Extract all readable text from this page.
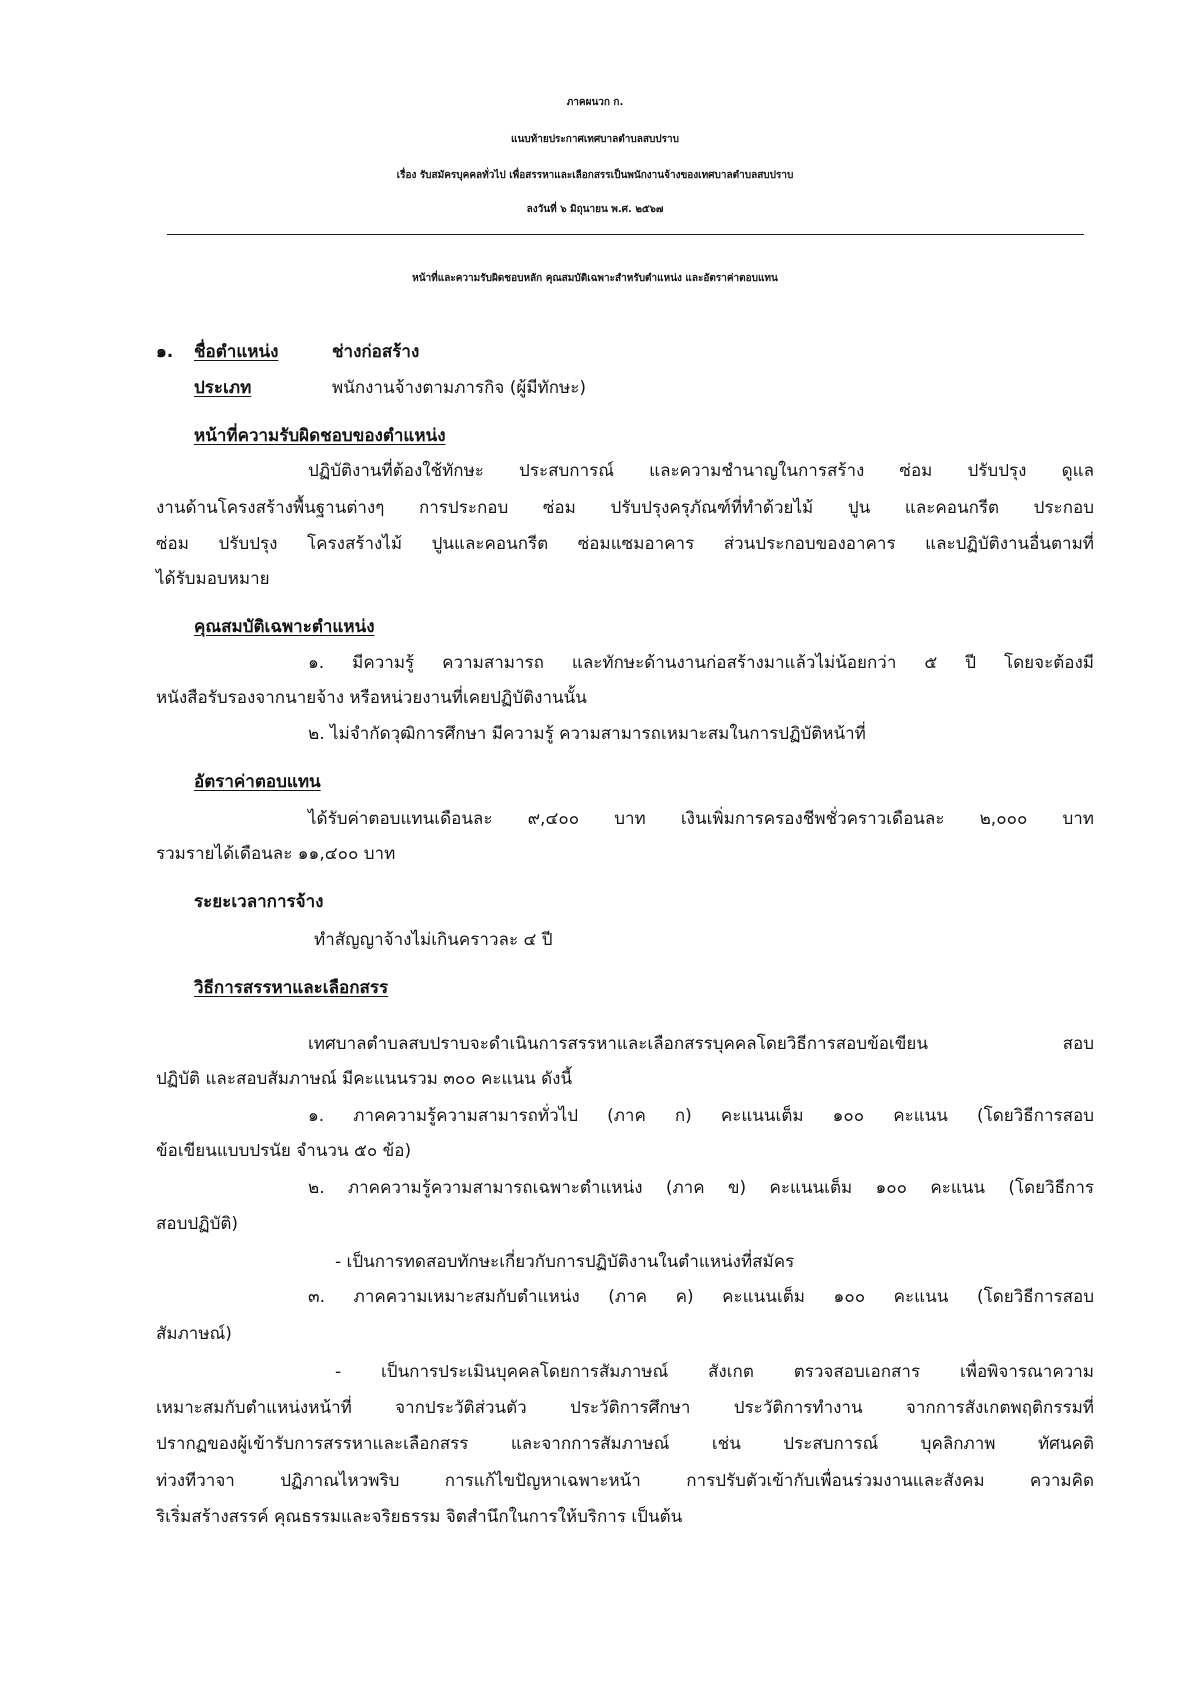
ภาคผนวก ก.
แนบท้ายประกาศเทศบาลตำบลสบปราบ
เรื่อง รับสมัครบุคคลทั่วไป เพื่อสรรหาและเลือกสรรเป็นพนักงานจ้างของเทศบาลตำบลสบปราบ
ลงวันที่ ๖ มิถุนายน พ.ศ. ๒๕๖๗
หน้าที่และความรับผิดชอบหลัก คุณสมบัติเฉพาะสำหรับตำแหน่ง และอัตราค่าตอบแทน
๑. ชื่อตำแหน่ง	ช่างก่อสร้าง
ประเภท	พนักงานจ้างตามภารกิจ (ผู้มีทักษะ)
หน้าที่ความรับผิดชอบของตำแหน่ง
ปฏิบัติงานที่ต้องใช้ทักษะ ประสบการณ์ และความชำนาญในการสร้าง ซ่อม ปรับปรุง ดูแล
งานด้านโครงสร้างพื้นฐานต่างๆ การประกอบ ซ่อม ปรับปรุงครุภัณฑ์ที่ทำด้วยไม้ ปูน และคอนกรีต ประกอบ
ซ่อม ปรับปรุง โครงสร้างไม้ ปูนและคอนกรีต ซ่อมแซมอาคาร ส่วนประกอบของอาคาร และปฏิบัติงานอื่นตามที่
ได้รับมอบหมาย
คุณสมบัติเฉพาะตำแหน่ง
๑. มีความรู้ ความสามารถ และทักษะด้านงานก่อสร้างมาแล้วไม่น้อยกว่า ๕ ปี โดยจะต้องมี
หนังสือรับรองจากนายจ้าง หรือหน่วยงานที่เคยปฏิบัติงานนั้น
๒. ไม่จำกัดวุฒิการศึกษา มีความรู้ ความสามารถเหมาะสมในการปฏิบัติหน้าที่
อัตราค่าตอบแทน
ได้รับค่าตอบแทนเดือนละ ๙,๔๐๐ บาท เงินเพิ่มการครองชีพชั่วคราวเดือนละ ๒,๐๐๐ บาท
รวมรายได้เดือนละ ๑๑,๔๐๐ บาท
ระยะเวลาการจ้าง
ทำสัญญาจ้างไม่เกินคราวละ ๔ ปี
วิธีการสรรหาและเลือกสรร
เทศบาลตำบลสบปราบจะดำเนินการสรรหาและเลือกสรรบุคคลโดยวิธีการสอบข้อเขียน สอบ
ปฏิบัติ และสอบสัมภาษณ์ มีคะแนนรวม ๓๐๐ คะแนน ดังนี้
๑. ภาคความรู้ความสามารถทั่วไป (ภาค ก) คะแนนเต็ม ๑๐๐ คะแนน (โดยวิธีการสอบ
ข้อเขียนแบบปรนัย จำนวน ๕๐ ข้อ)
๒. ภาคความรู้ความสามารถเฉพาะตำแหน่ง (ภาค ข) คะแนนเต็ม ๑๐๐ คะแนน (โดยวิธีการ
สอบปฏิบัติ)
- เป็นการทดสอบทักษะเกี่ยวกับการปฏิบัติงานในตำแหน่งที่สมัคร
๓. ภาคความเหมาะสมกับตำแหน่ง (ภาค ค) คะแนนเต็ม ๑๐๐ คะแนน (โดยวิธีการสอบ
สัมภาษณ์)
- เป็นการประเมินบุคคลโดยการสัมภาษณ์ สังเกต ตรวจสอบเอกสาร เพื่อพิจารณาความ
เหมาะสมกับตำแหน่งหน้าที่ จากประวัติส่วนตัว ประวัติการศึกษา ประวัติการทำงาน จากการสังเกตพฤติกรรมที่
ปรากฏของผู้เข้ารับการสรรหาและเลือกสรร และจากการสัมภาษณ์ เช่น ประสบการณ์ บุคลิกภาพ ทัศนคติ
ท่วงทีวาจา ปฏิภาณไหวพริบ การแก้ไขปัญหาเฉพาะหน้า การปรับตัวเข้ากับเพื่อนร่วมงานและสังคม ความคิด
ริเริ่มสร้างสรรค์ คุณธรรมและจริยธรรม จิตสำนึกในการให้บริการ เป็นต้น
